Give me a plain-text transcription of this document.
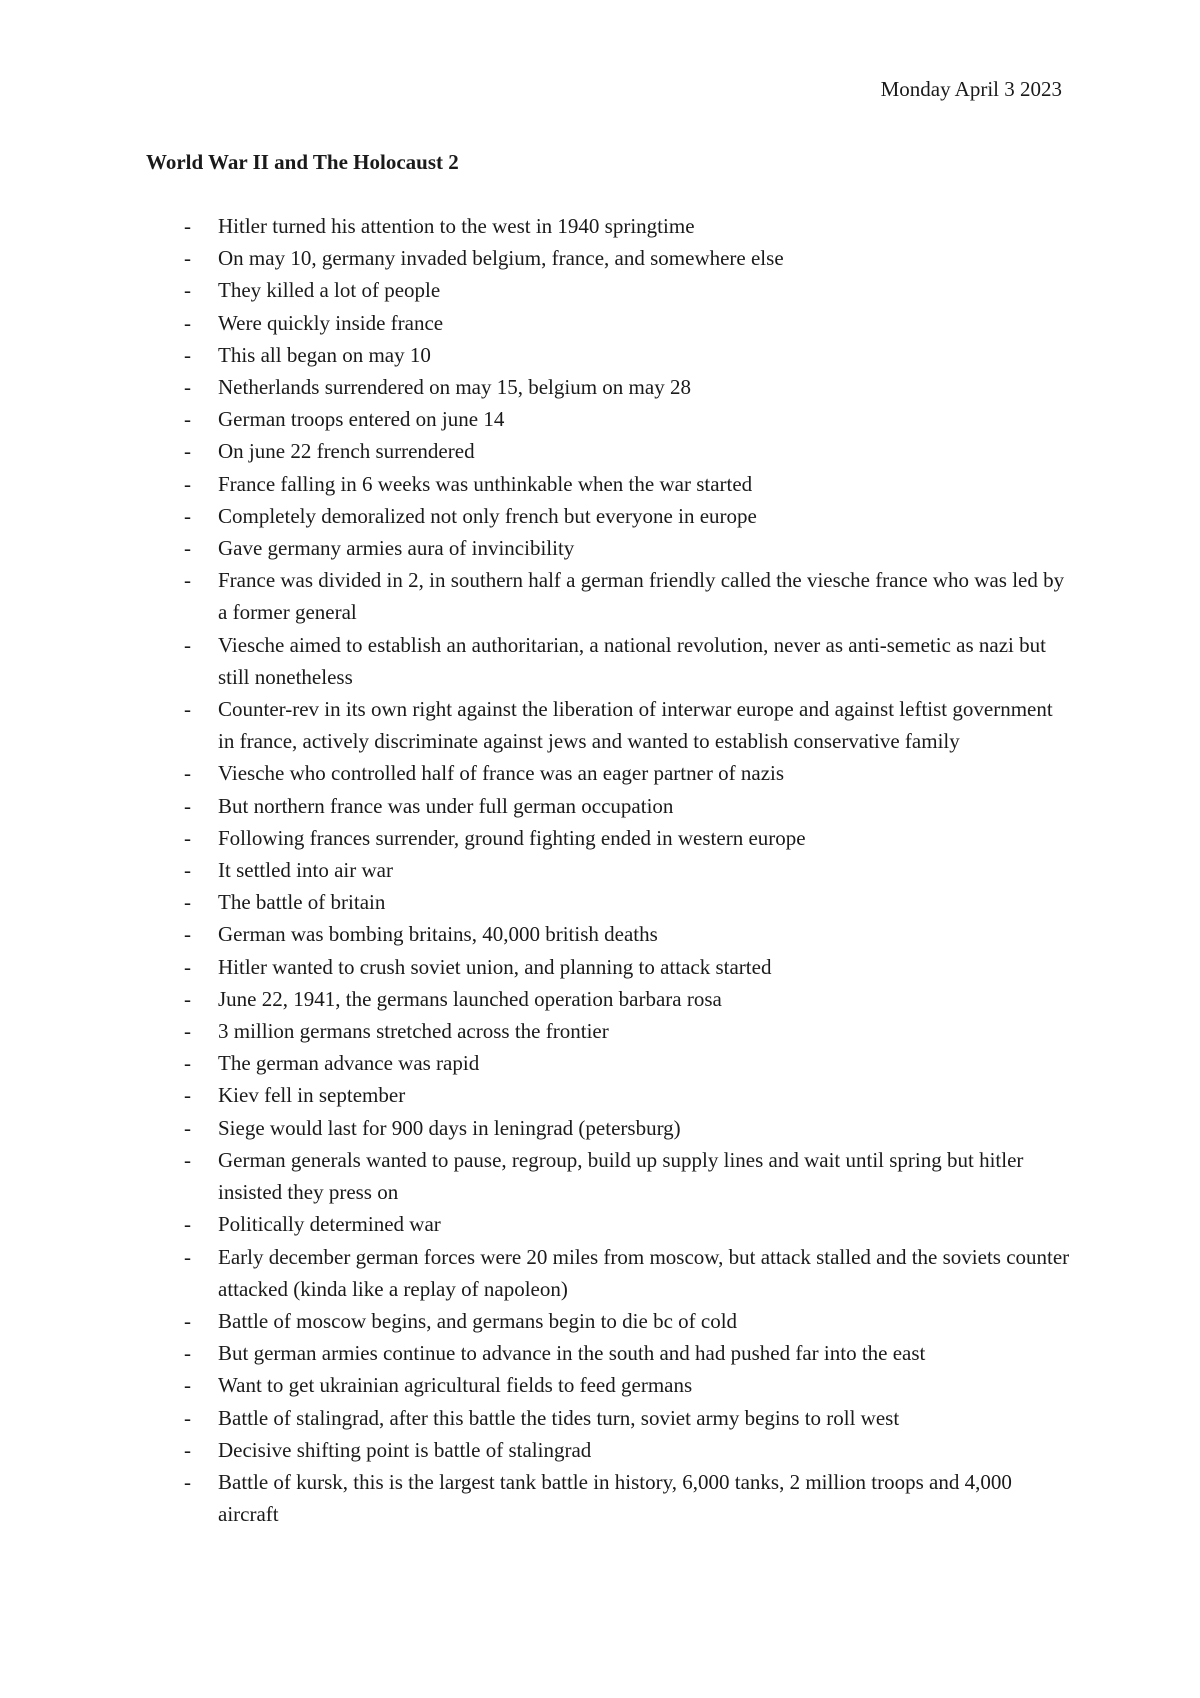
Monday April 3 2023
World War II and The Holocaust 2
- Hitler turned his attention to the west in 1940 springtime
- On may 10, germany invaded belgium, france, and somewhere else
- They killed a lot of people
- Were quickly inside france
- This all began on may 10
- Netherlands surrendered on may 15, belgium on may 28
- German troops entered on june 14
- On june 22 french surrendered
- France falling in 6 weeks was unthinkable when the war started
- Completely demoralized not only french but everyone in europe
- Gave germany armies aura of invincibility
- France was divided in 2, in southern half a german friendly called the viesche france who was led by a former general
- Viesche aimed to establish an authoritarian, a national revolution, never as anti-semetic as nazi but still nonetheless
- Counter-rev in its own right against the liberation of interwar europe and against leftist government in france, actively discriminate against jews and wanted to establish conservative family
- Viesche who controlled half of france was an eager partner of nazis
- But northern france was under full german occupation
- Following frances surrender, ground fighting ended in western europe
- It settled into air war
- The battle of britain
- German was bombing britains, 40,000 british deaths
- Hitler wanted to crush soviet union, and planning to attack started
- June 22, 1941, the germans launched operation barbara rosa
- 3 million germans stretched across the frontier
- The german advance was rapid
- Kiev fell in september
- Siege would last for 900 days in leningrad (petersburg)
- German generals wanted to pause, regroup, build up supply lines and wait until spring but hitler insisted they press on
- Politically determined war
- Early december german forces were 20 miles from moscow, but attack stalled and the soviets counter attacked (kinda like a replay of napoleon)
- Battle of moscow begins, and germans begin to die bc of cold
- But german armies continue to advance in the south and had pushed far into the east
- Want to get ukrainian agricultural fields to feed germans
- Battle of stalingrad, after this battle the tides turn, soviet army begins to roll west
- Decisive shifting point is battle of stalingrad
- Battle of kursk, this is the largest tank battle in history, 6,000 tanks, 2 million troops and 4,000 aircraft
